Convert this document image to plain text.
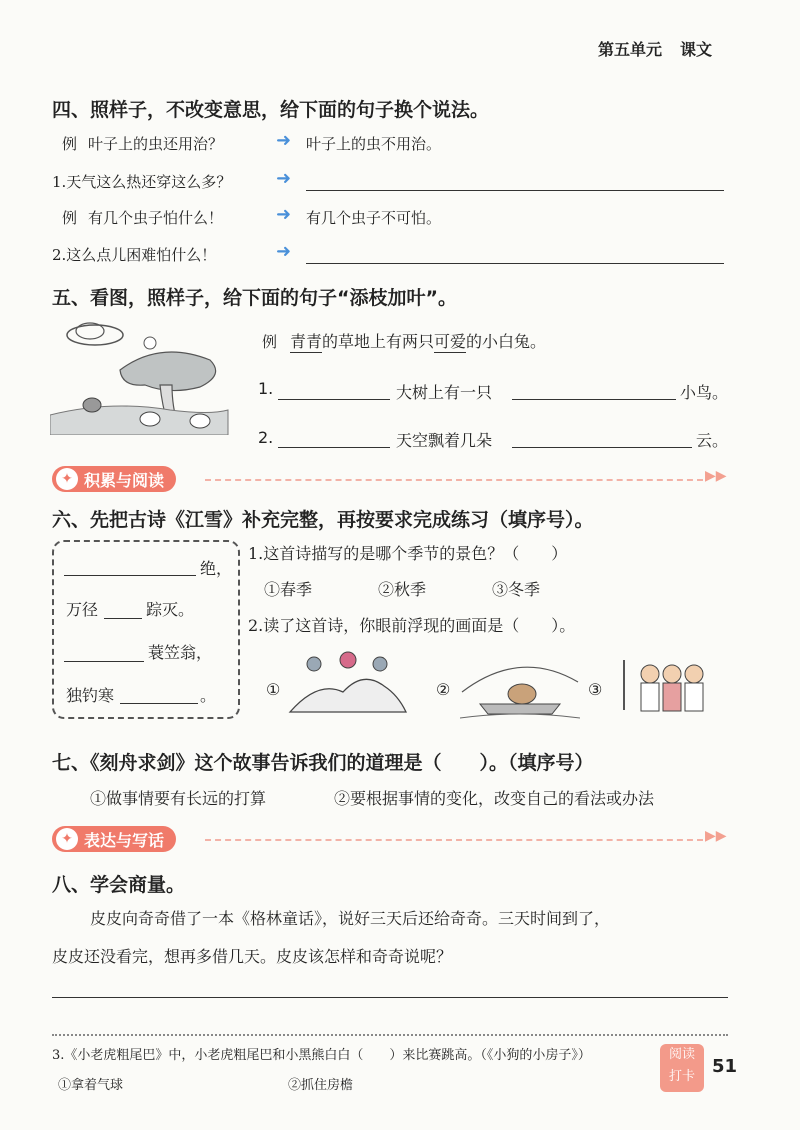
第五单元 课文
四、照样子，不改变意思，给下面的句子换个说法。
例 叶子上的虫还用治？	➜ 叶子上的虫不用治。
1.天气这么热还穿这么多？ ➜
例 有几个虫子怕什么！	➜ 有几个虫子不可怕。
2.这么点儿困难怕什么！	➜
五、看图，照样子，给下面的句子“添枝加叶”。
例 青青的草地上有两只可爱的小白兔。
1.	大树上有一只	小鸟。
2.	天空飘着几朵	云。
✦ 积累与阅读	▶▶
六、先把古诗《江雪》补充完整，再按要求完成练习（填序号）。
绝，
万径	踪灭。
蓑笠翁，
独钓寒	。
1.这首诗描写的是哪个季节的景色？（　　）
①春季	②秋季	③冬季
2.读了这首诗，你眼前浮现的画面是（　　）。
①	②	③
七、《刻舟求剑》这个故事告诉我们的道理是（　　）。（填序号）
①做事情要有长远的打算	②要根据事情的变化，改变自己的看法或办法
✦ 表达与写话	▶▶
八、学会商量。
皮皮向奇奇借了一本《格林童话》，说好三天后还给奇奇。三天时间到了，
皮皮还没看完，想再多借几天。皮皮该怎样和奇奇说呢？
3.《小老虎粗尾巴》中，小老虎粗尾巴和小黑熊白白（　　）来比赛跳高。（《小狗的小房子》）
①拿着气球	②抓住房檐
阅读
打卡 51
